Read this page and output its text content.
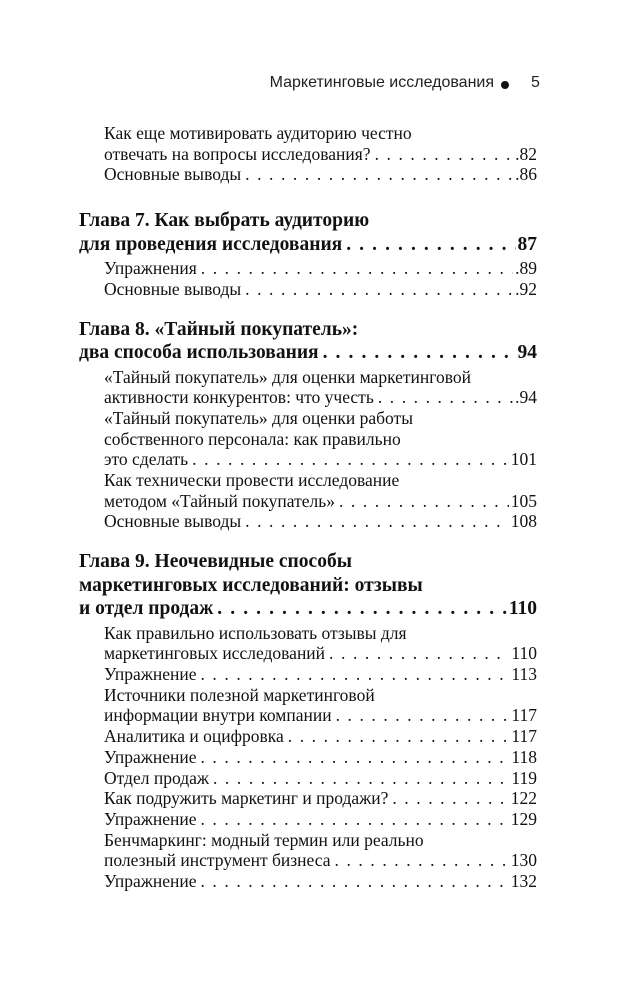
Маркетинговые исследования 5
Как еще мотивировать аудиторию честно
отвечать на вопросы исследования? . . .	.82
Основные выводы . . .	.86
Глава 7. Как выбрать аудиторию
для проведения исследования . . .	87
Упражнения . . .	.89
Основные выводы . . .	.92
Глава 8. «Тайный покупатель»:
два способа использования . . .	94
«Тайный покупатель» для оценки маркетинговой
активности конкурентов: что учесть . . .	.94
«Тайный покупатель» для оценки работы
собственного персонала: как правильно
это сделать . . .	101
Как технически провести исследование
методом «Тайный покупатель» . . .	105
Основные выводы . . .	108
Глава 9. Неочевидные способы
маркетинговых исследований: отзывы
и отдел продаж . . .	110
Как правильно использовать отзывы для
маркетинговых исследований . . .	110
Упражнение . . .	113
Источники полезной маркетинговой
информации внутри компании . . .	117
Аналитика и оцифровка . . .	117
Упражнение . . .	118
Отдел продаж . . .	119
Как подружить маркетинг и продажи? . . .	122
Упражнение . . .	129
Бенчмаркинг: модный термин или реально
полезный инструмент бизнеса . . .	130
Упражнение . . .	132
